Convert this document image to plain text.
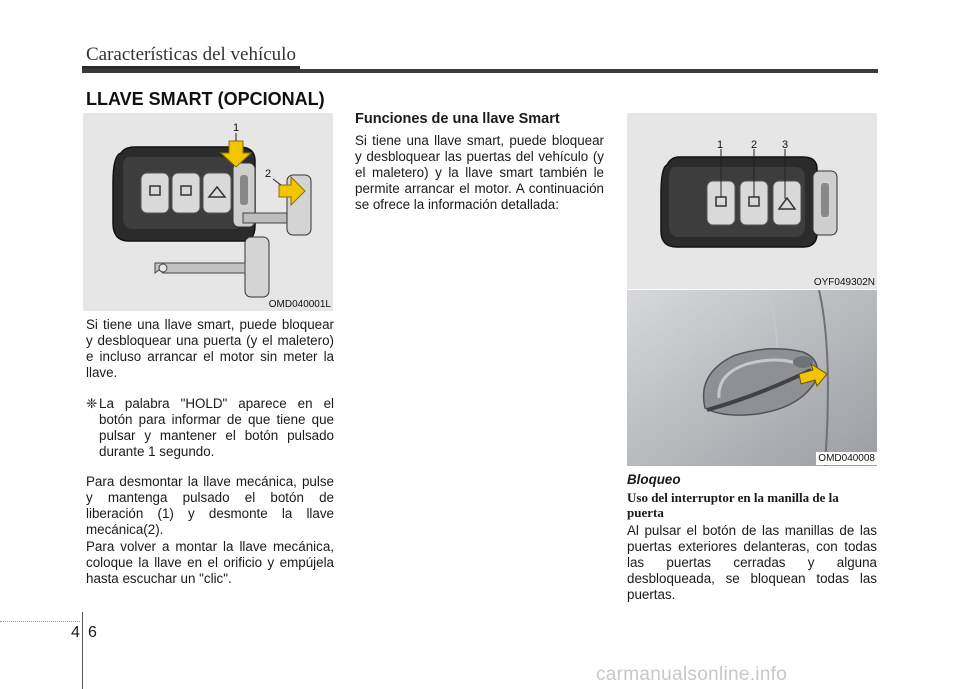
Características del vehículo
LLAVE SMART (OPCIONAL)
1
2
OMD040001L
Si tiene una llave smart, puede bloquear y desbloquear una puerta (y el maletero) e incluso arrancar el motor sin meter la llave.
❈ La palabra "HOLD" aparece en el botón para informar de que tiene que pulsar y mantener el botón pulsado durante 1 segundo.
Para desmontar la llave mecánica, pulse y mantenga pulsado el botón de liberación (1) y desmonte la llave mecánica(2).
Para volver a montar la llave mecánica, coloque la llave en el orificio y empújela hasta escuchar un "clic".
Funciones de una llave Smart
Si tiene una llave smart, puede bloquear y desbloquear las puertas del vehículo (y el maletero) y la llave smart también le permite arrancar el motor. A continuación se ofrece la información detallada:
1	2 3
OYF049302N
OMD040008
Bloqueo
Uso del interruptor en la manilla de la puerta
Al pulsar el botón de las manillas de las puertas exteriores delanteras, con todas las puertas cerradas y alguna desbloqueada, se bloquean todas las puertas.
4 6
carmanualsonline.info
